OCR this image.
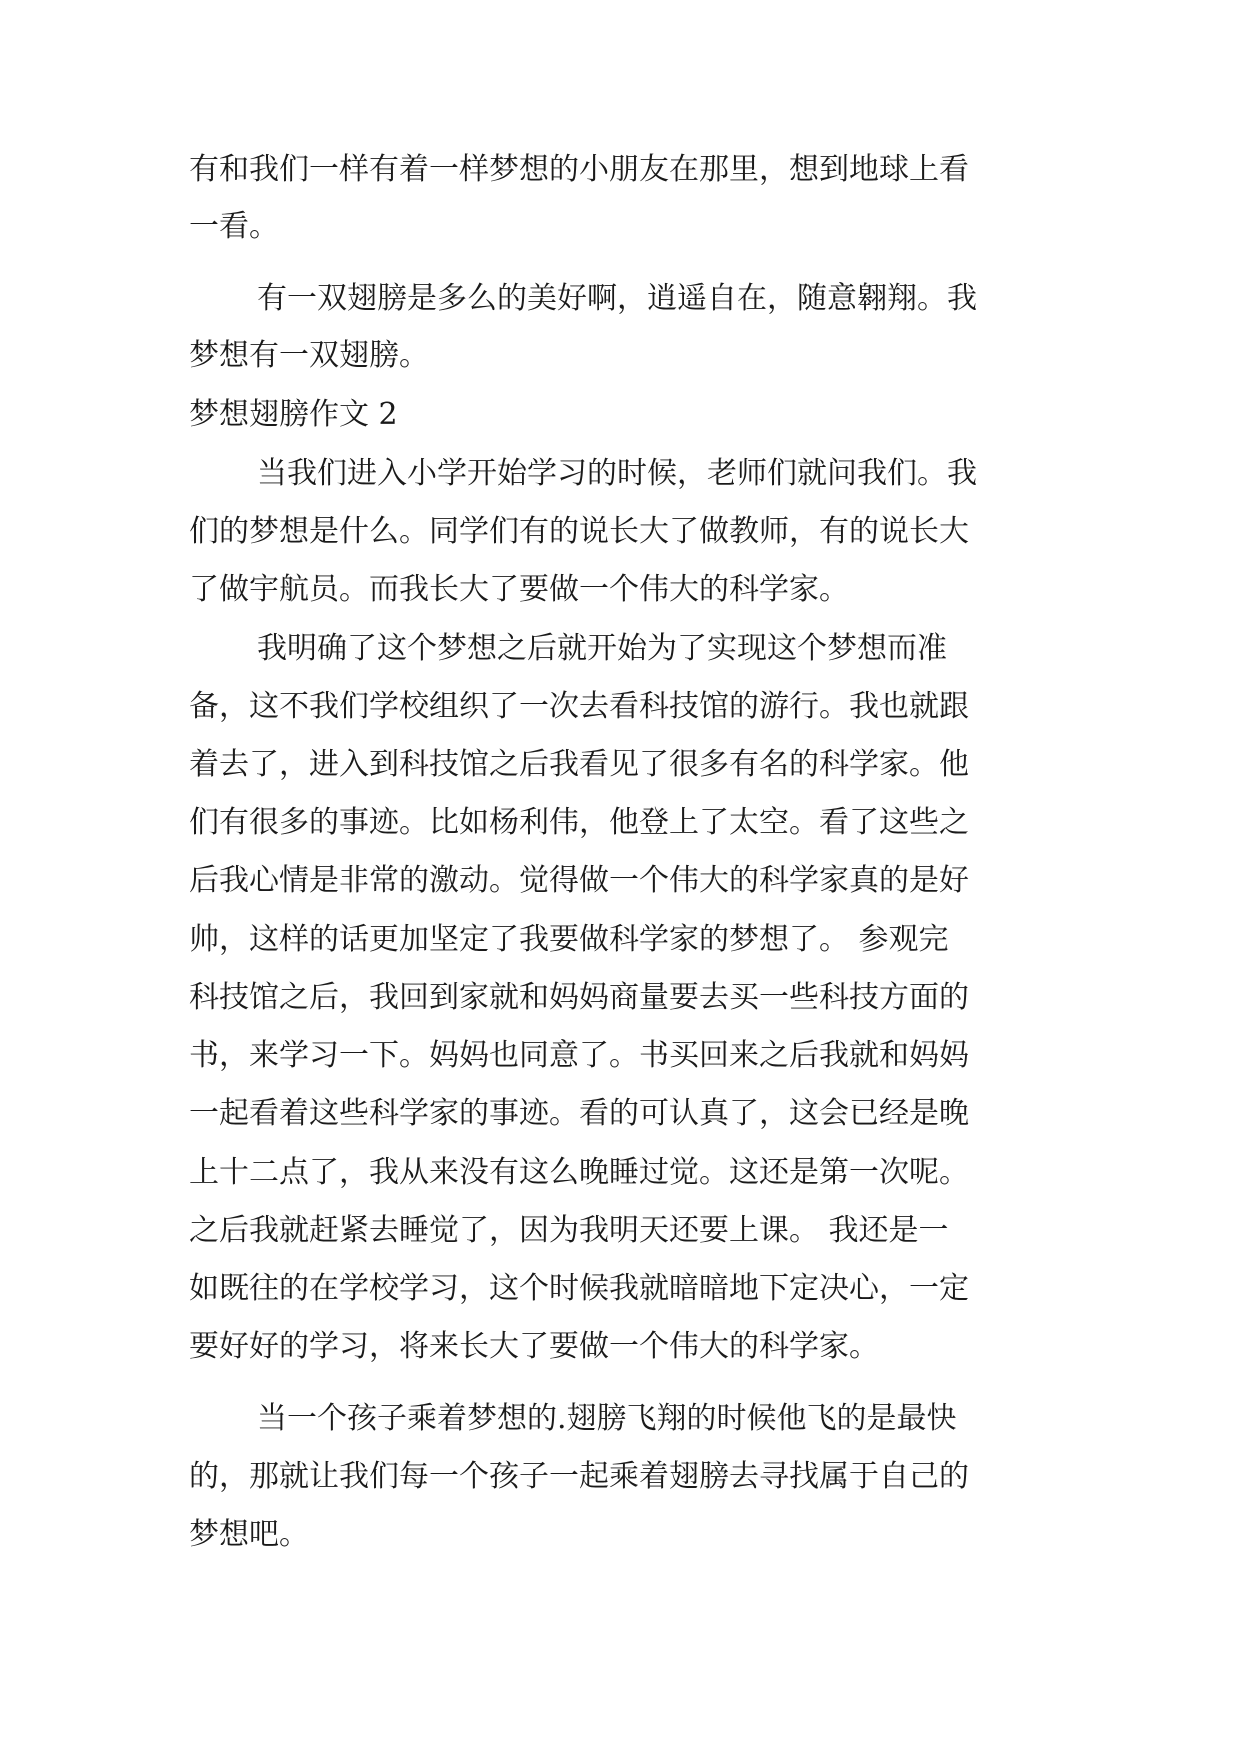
有和我们一样有着一样梦想的小朋友在那里，想到地球上看
一看。
有一双翅膀是多么的美好啊，逍遥自在，随意翱翔。我
梦想有一双翅膀。
梦想翅膀作文 2
当我们进入小学开始学习的时候，老师们就问我们。我
们的梦想是什么。同学们有的说长大了做教师，有的说长大
了做宇航员。而我长大了要做一个伟大的科学家。
我明确了这个梦想之后就开始为了实现这个梦想而准
备，这不我们学校组织了一次去看科技馆的游行。我也就跟
着去了，进入到科技馆之后我看见了很多有名的科学家。他
们有很多的事迹。比如杨利伟，他登上了太空。看了这些之
后我心情是非常的激动。觉得做一个伟大的科学家真的是好
帅，这样的话更加坚定了我要做科学家的梦想了。 参观完
科技馆之后，我回到家就和妈妈商量要去买一些科技方面的
书，来学习一下。妈妈也同意了。书买回来之后我就和妈妈
一起看着这些科学家的事迹。看的可认真了，这会已经是晚
上十二点了，我从来没有这么晚睡过觉。这还是第一次呢。
之后我就赶紧去睡觉了，因为我明天还要上课。 我还是一
如既往的在学校学习，这个时候我就暗暗地下定决心，一定
要好好的学习，将来长大了要做一个伟大的科学家。
当一个孩子乘着梦想的.翅膀飞翔的时候他飞的是最快
的，那就让我们每一个孩子一起乘着翅膀去寻找属于自己的
梦想吧。
